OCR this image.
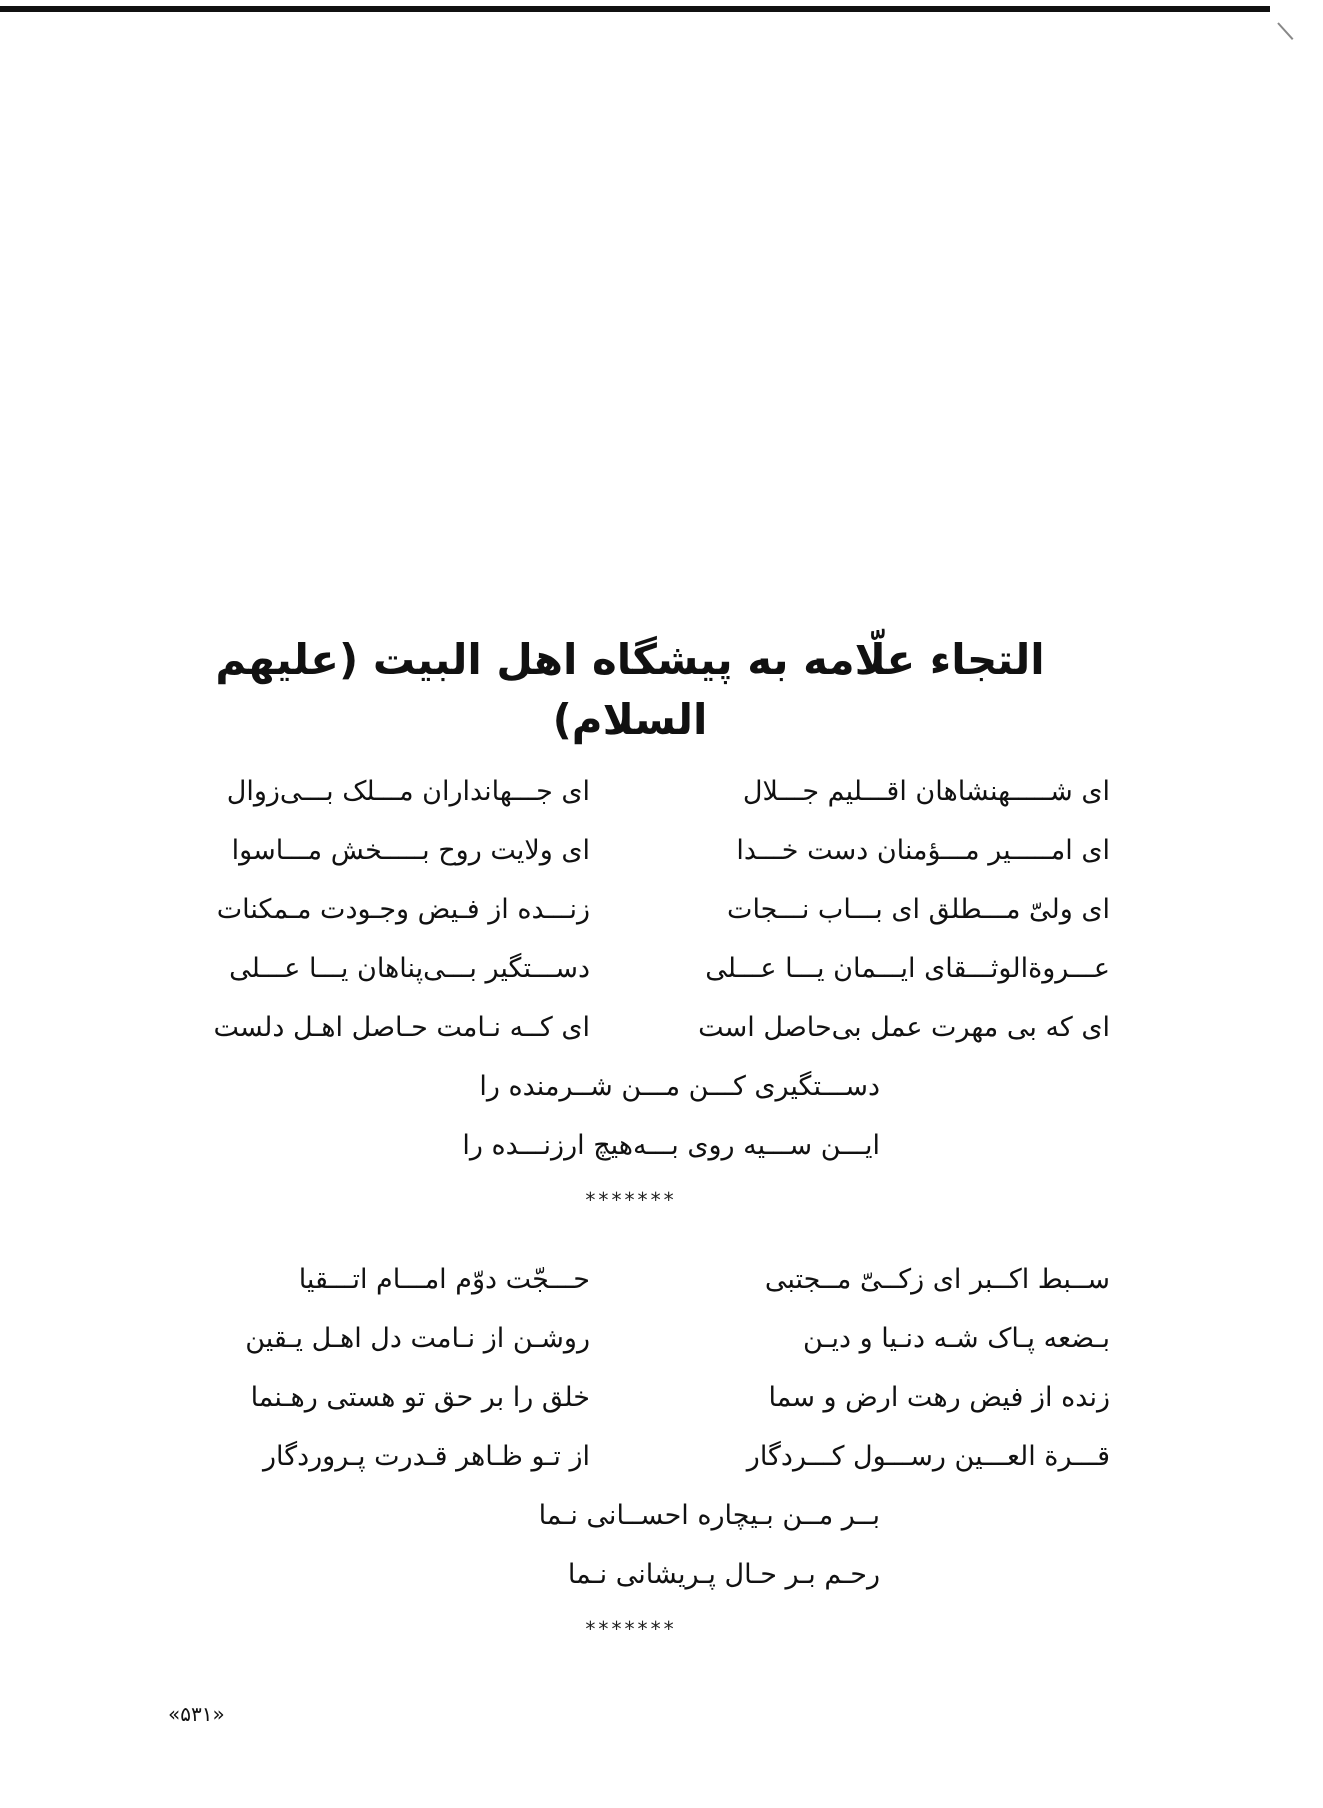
التجاء علّامه به پیشگاه اهل البیت (علیهم السلام)
ای شـــــهنشاهان اقـــلیم جـــلال
ای جـــهانداران مـــلک بـــی‌زوال
ای امـــــیر مـــؤمنان دست خـــدا
ای ولایت روح بـــــخش مـــاسوا
ای ولیّ مـــطلق ای بـــاب نـــجات
زنـــده از فـیض وجـودت مـمکنات
عـــروةالوثـــقای ایـــمان یـــا عـــلی
دســـتگیر بـــی‌پناهان یـــا عـــلی
ای که بی مهرت عمل بی‌حاصل است
ای کــه نـامت حـاصل اهـل دلست
دســـتگیری کـــن مـــن شــرمنده را
ایـــن ســـیه روی بـــه‌هیچ ارزنـــده را
*******
ســبط اکــبر ای زکــیّ مــجتبی
حـــجّت دوّم امـــام اتـــقیا
بـضعه پـاک شـه دنـیا و دیـن
روشـن از نـامت دل اهـل یـقین
زنده از فیض رهت ارض و سما
خلق را بر حق تو هستی رهـنما
قـــرة العـــین رســـول کـــردگار
از تـو ظـاهر قـدرت پـروردگار
بــر مــن بـیچاره احســانی نـما
رحـم بـر حـال پـریشانی نـما
*******
«۵۳۱»
